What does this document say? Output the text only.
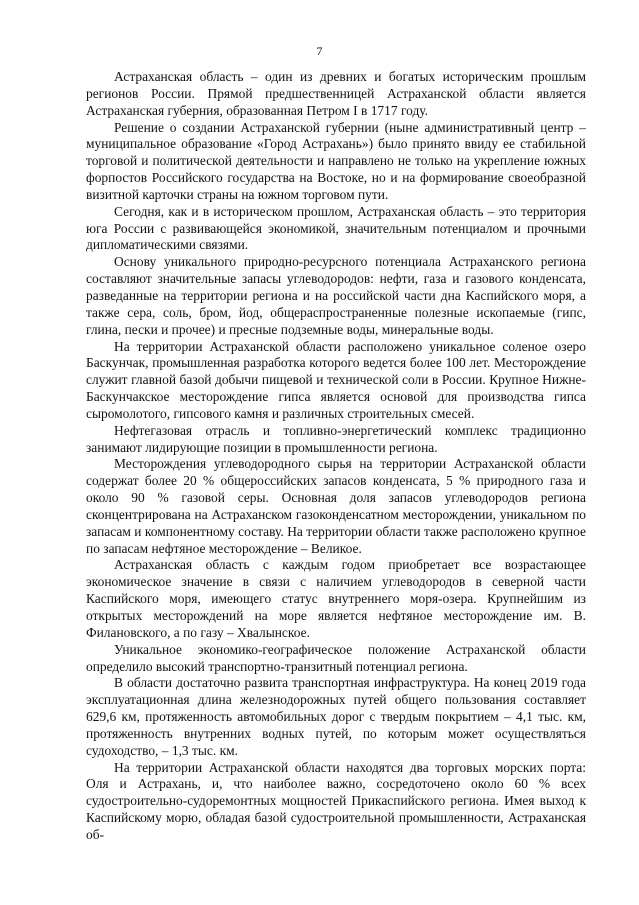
7

Астраханская область – один из древних и богатых историческим прошлым регионов России. Прямой предшественницей Астраханской области является Астраханская губерния, образованная Петром I в 1717 году.

Решение о создании Астраханской губернии (ныне административный центр – муниципальное образование «Город Астрахань») было принято ввиду ее стабильной торговой и политической деятельности и направлено не только на укрепление южных форпостов Российского государства на Востоке, но и на формирование своеобразной визитной карточки страны на южном торговом пути.

Сегодня, как и в историческом прошлом, Астраханская область – это территория юга России с развивающейся экономикой, значительным потенциалом и прочными дипломатическими связями.

Основу уникального природно-ресурсного потенциала Астраханского региона составляют значительные запасы углеводородов: нефти, газа и газового конденсата, разведанные на территории региона и на российской части дна Каспийского моря, а также сера, соль, бром, йод, общераспространенные полезные ископаемые (гипс, глина, пески и прочее) и пресные подземные воды, минеральные воды.

На территории Астраханской области расположено уникальное соленое озеро Баскунчак, промышленная разработка которого ведется более 100 лет. Месторождение служит главной базой добычи пищевой и технической соли в России. Крупное Нижне-Баскунчакское месторождение гипса является основой для производства гипса сыромолотого, гипсового камня и различных строительных смесей.

Нефтегазовая отрасль и топливно-энергетический комплекс традиционно занимают лидирующие позиции в промышленности региона.

Месторождения углеводородного сырья на территории Астраханской области содержат более 20 % общероссийских запасов конденсата, 5 % природного газа и около 90 % газовой серы. Основная доля запасов углеводородов региона сконцентрирована на Астраханском газоконденсатном месторождении, уникальном по запасам и компонентному составу. На территории области также расположено крупное по запасам нефтяное месторождение – Великое.

Астраханская область с каждым годом приобретает все возрастающее экономическое значение в связи с наличием углеводородов в северной части Каспийского моря, имеющего статус внутреннего моря-озера. Крупнейшим из открытых месторождений на море является нефтяное месторождение им. В. Филановского, а по газу – Хвалынское.

Уникальное экономико-географическое положение Астраханской области определило высокий транспортно-транзитный потенциал региона.

В области достаточно развита транспортная инфраструктура. На конец 2019 года эксплуатационная длина железнодорожных путей общего пользования составляет 629,6 км, протяженность автомобильных дорог с твердым покрытием – 4,1 тыс. км, протяженность внутренних водных путей, по которым может осуществляться судоходство, – 1,3 тыс. км.

На территории Астраханской области находятся два торговых морских порта: Оля и Астрахань, и, что наиболее важно, сосредоточено около 60 % всех судостроительно-судоремонтных мощностей Прикаспийского региона. Имея выход к Каспийскому морю, обладая базой судостроительной промышленности, Астраханская об-
